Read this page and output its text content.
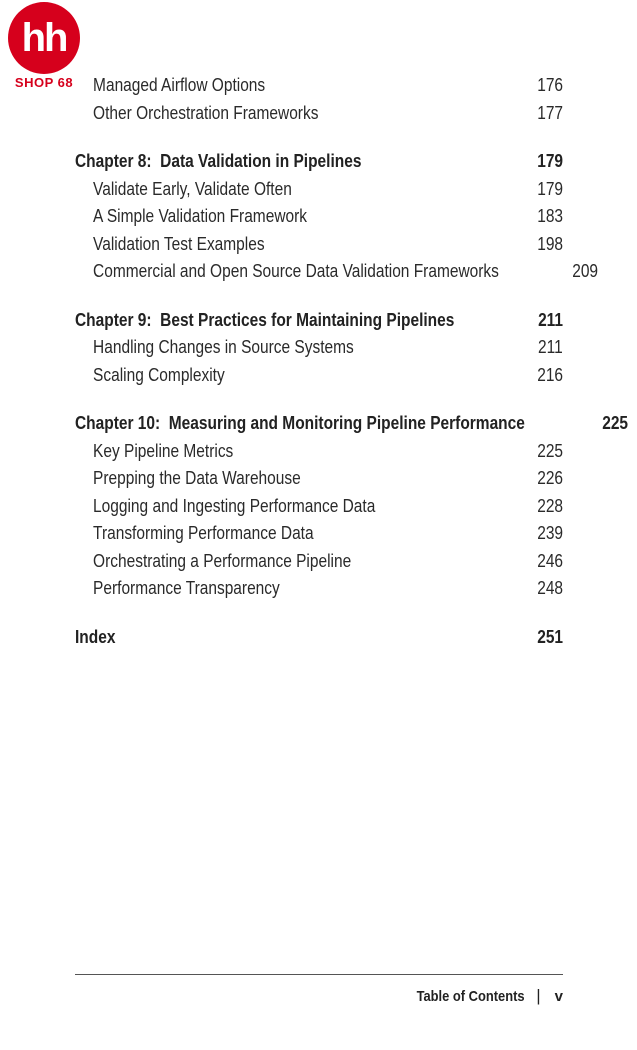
hh
SHOP 68	Managed Airflow Options	176
Other Orchestration Frameworks	177
Chapter 8: Data Validation in Pipelines	179
Validate Early, Validate Often	179
A Simple Validation Framework	183
Validation Test Examples	198
Commercial and Open Source Data Validation Frameworks	209
Chapter 9: Best Practices for Maintaining Pipelines	211
Handling Changes in Source Systems	211
Scaling Complexity	216
Chapter 10: Measuring and Monitoring Pipeline Performance	225
Key Pipeline Metrics	225
Prepping the Data Warehouse	226
Logging and Ingesting Performance Data	228
Transforming Performance Data	239
Orchestrating a Performance Pipeline	246
Performance Transparency	248
Index	251
Table of Contents | v
